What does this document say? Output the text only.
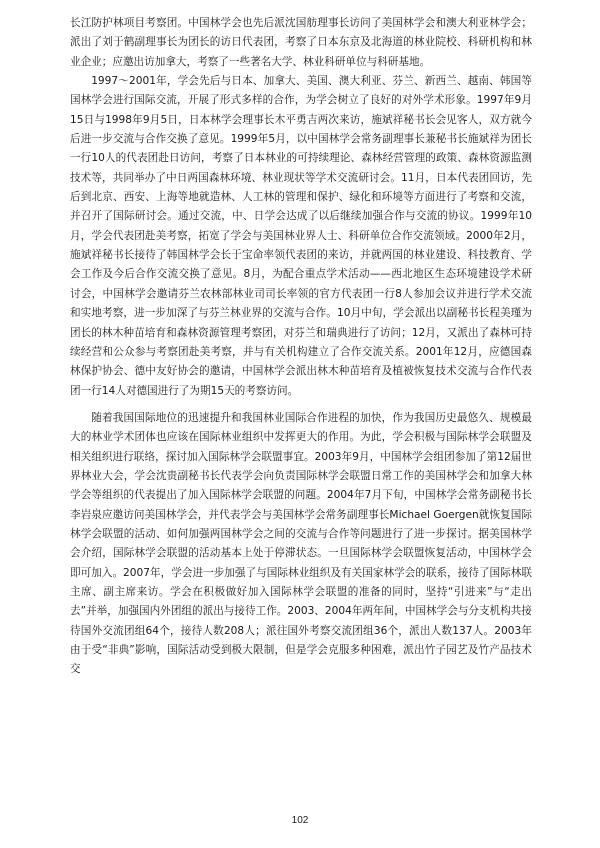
长江防护林项目考察团。中国林学会也先后派沈国舫理事长访问了美国林学会和澳大利亚林学会；派出了刘于鹤副理事长为团长的访日代表团，考察了日本东京及北海道的林业院校、科研机构和林业企业；应邀出访加拿大，考察了一些著名大学、林业科研单位与科研基地。

1997～2001年，学会先后与日本、加拿大、美国、澳大利亚、芬兰、新西兰、越南、韩国等国林学会进行国际交流，开展了形式多样的合作，为学会树立了良好的对外学术形象。1997年9月15日与1998年9月5日，日本林学会理事长木平勇吉两次来访，施斌祥秘书长会见客人，双方就今后进一步交流与合作交换了意见。1999年5月，以中国林学会常务副理事长兼秘书长施斌祥为团长一行10人的代表团赴日访问，考察了日本林业的可持续理论、森林经营管理的政策、森林资源监测技术等，共同举办了中日两国森林环境、林业现状等学术交流研讨会。11月，日本代表团回访，先后到北京、西安、上海等地就造林、人工林的管理和保护、绿化和环境等方面进行了考察和交流，并召开了国际研讨会。通过交流，中、日学会达成了以后继续加强合作与交流的协议。1999年10月，学会代表团赴美考察，拓宽了学会与美国林业界人士、科研单位合作交流领域。2000年2月，施斌祥秘书长接待了韩国林学会长于宝命率领代表团的来访，并就两国的林业建设、科技教育、学会工作及今后合作交流交换了意见。8月，为配合重点学术活动——西北地区生态环境建设学术研讨会，中国林学会邀请芬兰农林部林业司司长率领的官方代表团一行8人参加会议并进行学术交流和实地考察，进一步加深了与芬兰林业界的交流与合作。10月中旬，学会派出以副秘书长程美瑾为团长的林木种苗培育和森林资源管理考察团，对芬兰和瑞典进行了访问；12月，又派出了森林可持续经营和公众参与考察团赴美考察，并与有关机构建立了合作交流关系。2001年12月，应德国森林保护协会、德中友好协会的邀请，中国林学会派出林木种苗培育及植被恢复技术交流与合作代表团一行14人对德国进行了为期15天的考察访问。

随着我国国际地位的迅速提升和我国林业国际合作进程的加快，作为我国历史最悠久、规模最大的林业学术团体也应该在国际林业组织中发挥更大的作用。为此，学会积极与国际林学会联盟及相关组织进行联络，探讨加入国际林学会联盟事宜。2003年9月，中国林学会组团参加了第12届世界林业大会，学会沈贵副秘书长代表学会向负责国际林学会联盟日常工作的美国林学会和加拿大林学会等组织的代表提出了加入国际林学会联盟的问题。2004年7月下旬，中国林学会常务副秘书长李岩泉应邀访问美国林学会，并代表学会与美国林学会常务副理事长Michael Goergen就恢复国际林学会联盟的活动、如何加强两国林学会之间的交流与合作等问题进行了进一步探讨。据美国林学会介绍，国际林学会联盟的活动基本上处于停滞状态。一旦国际林学会联盟恢复活动，中国林学会即可加入。2007年，学会进一步加强了与国际林业组织及有关国家林学会的联系，接待了国际林联主席、副主席来访。学会在积极做好加入国际林学会联盟的准备的同时，坚持“引进来”与“走出去”并举，加强国内外团组的派出与接待工作。2003、2004年两年间，中国林学会与分支机构共接待国外交流团组64个，接待人数208人；派往国外考察交流团组36个，派出人数137人。2003年由于受“非典”影响，国际活动受到极大限制，但是学会克服多种困难，派出竹子园艺及竹产品技术交

102
